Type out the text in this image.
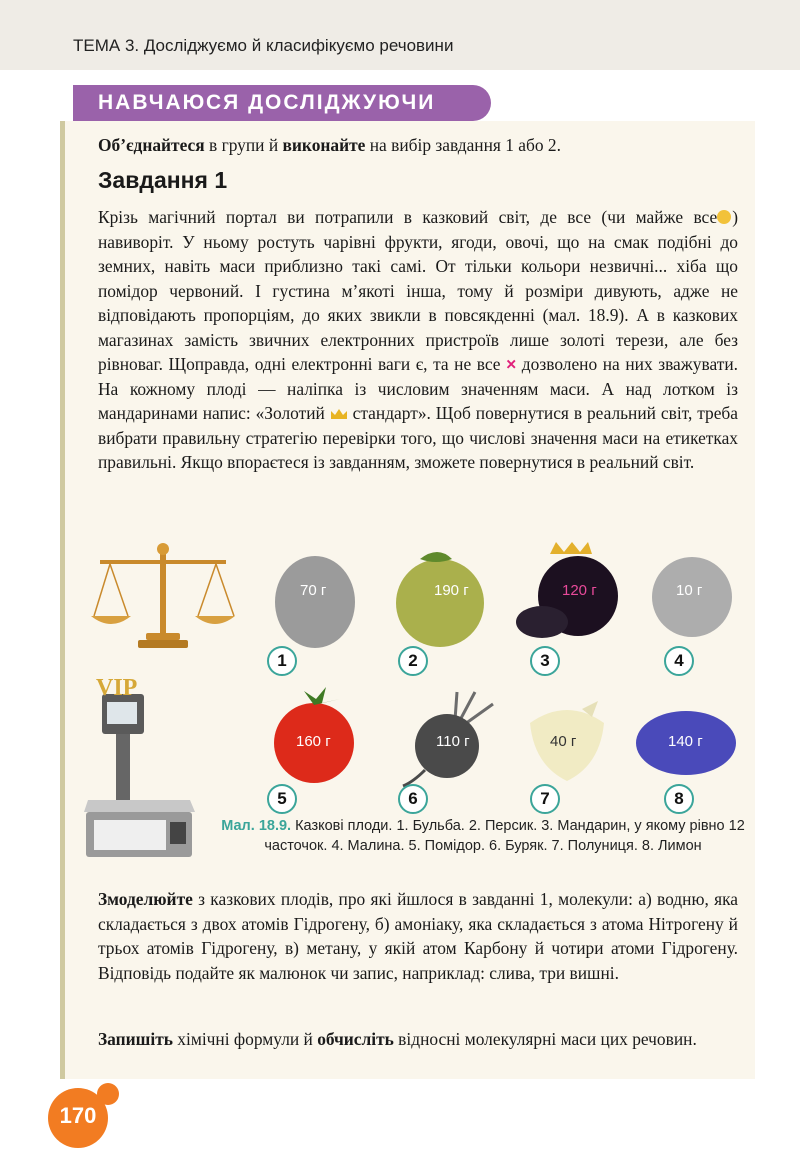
ТЕМА 3. Досліджуємо й класифікуємо речовини
НАВЧАЮСЯ ДОСЛІДЖУЮЧИ
Об’єднайтеся в групи й виконайте на вибір завдання 1 або 2.
Завдання 1
Крізь магічний портал ви потрапили в казковий світ, де все (чи майже все ) навиворіт. У ньому ростуть чарівні фрукти, ягоди, овочі, що на смак подібні до земних, навіть маси приблизно такі самі. От тільки кольори незвичні... хіба що помідор червоний. І густина м’якоті інша, тому й розміри дивують, адже не відповідають пропорціям, до яких звикли в повсякденні (мал. 18.9). А в казкових магазинах замість звичних електронних пристроїв лише золоті терези, але без рівноваг. Щоправда, одні електронні ваги є, та не все × дозволено на них зважувати. На кожному плоді — наліпка із числовим значенням маси. А над лотком із мандаринами напис: «Золотий  стандарт». Щоб повернутися в реальний світ, треба вибрати правильну стратегію перевірки того, що числові значення маси на етикетках правильні. Якщо впораєтеся із завданням, зможете повернутися в реальний світ.
VIP
70 г	190 г	120 г	10 г
160 г	110 г	40 г	140 г
1	2	3	4
5	6	7	8
Мал. 18.9. Казкові плоди. 1. Бульба. 2. Персик. 3. Мандарин, у якому рівно 12 часточок. 4. Малина. 5. Помідор. 6. Буряк. 7. Полуниця. 8. Лимон
Змоделюйте з казкових плодів, про які йшлося в завданні 1, молекули: а) водню, яка складається з двох атомів Гідрогену, б) амоніаку, яка складається з атома Нітрогену й трьох атомів Гідрогену, в) метану, у якій атом Карбону й чотири атоми Гідрогену. Відповідь подайте як малюнок чи запис, наприклад: слива, три вишні.
Запишіть хімічні формули й обчисліть відносні молекулярні маси цих речовин.
170
